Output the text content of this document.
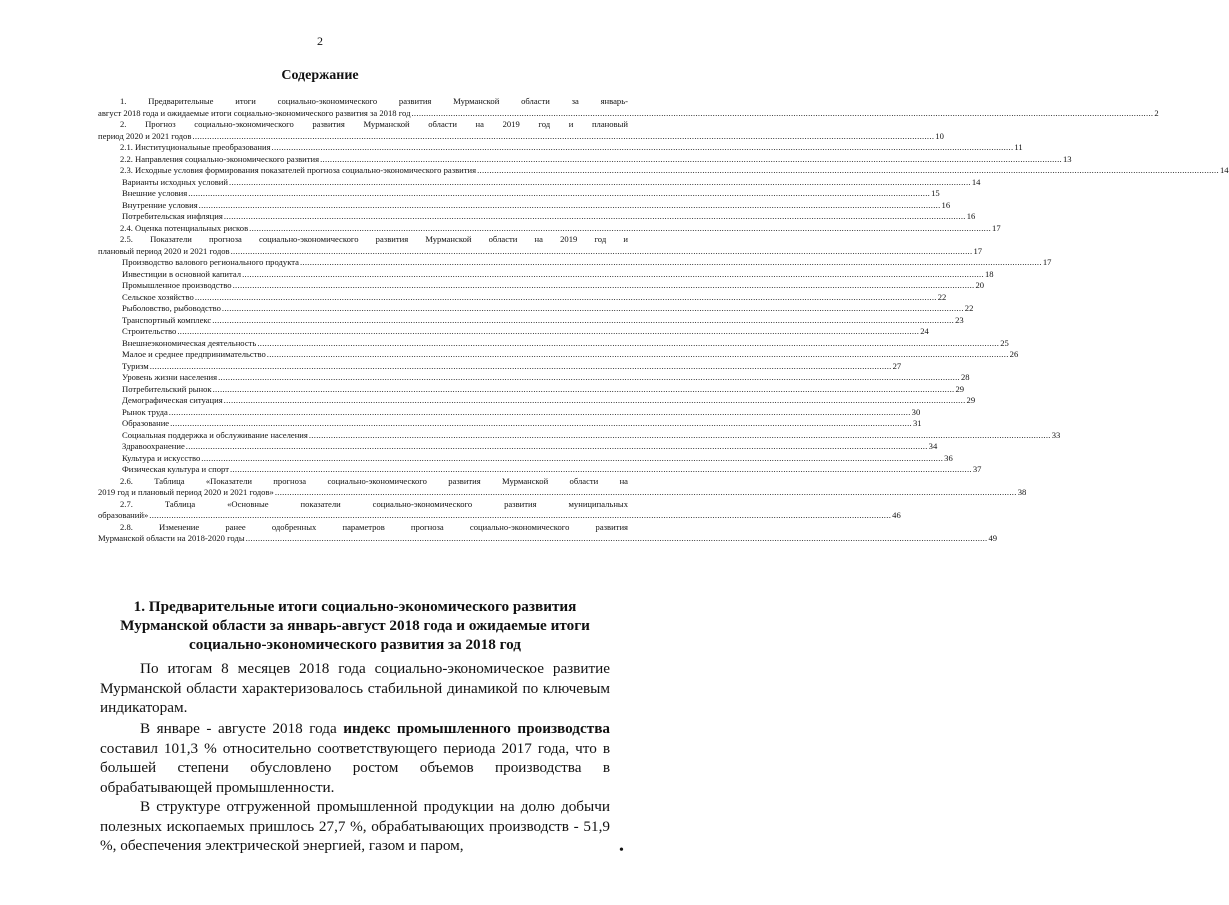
2
Содержание
1. Предварительные итоги социально-экономического развития Мурманской области за январь-
август 2018 года и ожидаемые итоги социально-экономического развития за 2018 год .....	2
2. Прогноз социально-экономического развития Мурманской области на 2019 год и плановый
период 2020 и 2021 годов .....	10
2.1. Институциональные преобразования .....	11
2.2. Направления социально-экономического развития .....	13
2.3. Исходные условия формирования показателей прогноза социально-экономического развития .....	14
Варианты исходных условий .....	14
Внешние условия .....	15
Внутренние условия .....	16
Потребительская инфляция .....	16
2.4. Оценка потенциальных рисков .....	17
2.5. Показатели прогноза социально-экономического развития Мурманской области на 2019 год и
плановый период 2020 и 2021 годов .....	17
Производство валового регионального продукта .....	17
Инвестиции в основной капитал .....	18
Промышленное производство .....	20
Сельское хозяйство .....	22
Рыболовство, рыбоводство .....	22
Транспортный комплекс .....	23
Строительство .....	24
Внешнеэкономическая деятельность .....	25
Малое и среднее предпринимательство .....	26
Туризм .....	27
Уровень жизни населения .....	28
Потребительский рынок .....	29
Демографическая ситуация .....	29
Рынок труда .....	30
Образование .....	31
Социальная поддержка и обслуживание населения .....	33
Здравоохранение .....	34
Культура и искусство .....	36
Физическая культура и спорт .....	37
2.6. Таблица «Показатели прогноза социально-экономического развития Мурманской области на
2019 год и плановый период 2020 и 2021 годов» .....	38
2.7. Таблица «Основные показатели социально-экономического развития муниципальных
образований» .....	46
2.8. Изменение ранее одобренных параметров прогноза социально-экономического развития
Мурманской области на 2018-2020 годы .....	49
1. Предварительные итоги социально-экономического развития Мурманской области за январь-август 2018 года и ожидаемые итоги социально-экономического развития за 2018 год

По итогам 8 месяцев 2018 года социально-экономическое развитие Мурманской области характеризовалось стабильной динамикой по ключевым индикаторам.

В январе - августе 2018 года индекс промышленного производства составил 101,3 % относительно соответствующего периода 2017 года, что в большей степени обусловлено ростом объемов производства в обрабатывающей промышленности.

В структуре отгруженной промышленной продукции на долю добычи полезных ископаемых пришлось 27,7 %, обрабатывающих производств - 51,9 %, обеспечения электрической энергией, газом и паром,	•
